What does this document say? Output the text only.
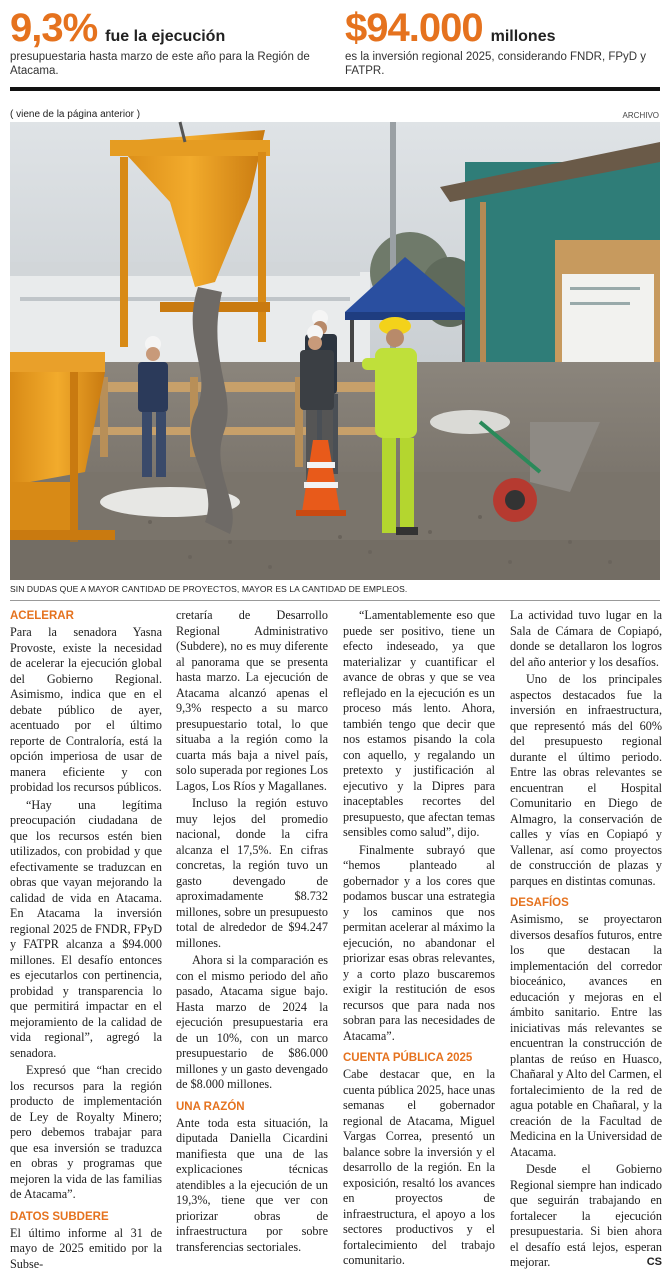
9,3% fue la ejecución
presupuestaria hasta marzo de este año para la Región de Atacama.
$94.000 millones
es la inversión regional 2025, considerando FNDR, FPyD y FATPR.
( viene de la página anterior )	ARCHIVO
SIN DUDAS QUE A MAYOR CANTIDAD DE PROYECTOS, MAYOR ES LA CANTIDAD DE EMPLEOS.
ACELERAR

Para la senadora Yasna Provoste, existe la necesidad de acelerar la ejecución global del Gobierno Regional. Asimismo, indica que en el debate público de ayer, acentuado por el último reporte de Contraloría, está la opción imperiosa de usar de manera eficiente y con probidad los recursos públicos.

“Hay una legítima preocupación ciudadana de que los recursos estén bien utilizados, con probidad y que efectivamente se traduzcan en obras que vayan mejorando la calidad de vida en Atacama. En Atacama la inversión regional 2025 de FNDR, FPyD y FATPR alcanza a $94.000 millones. El desafío entonces es ejecutarlos con pertinencia, probidad y transparencia lo que permitirá impactar en el mejoramiento de la calidad de vida regional”, agregó la senadora.

Expresó que “han crecido los recursos para la región producto de implementación de Ley de Royalty Minero; pero debemos trabajar para que esa inversión se traduzca en obras y programas que mejoren la vida de las familias de Atacama”.

DATOS SUBDERE

El último informe al 31 de mayo de 2025 emitido por la Subse-

cretaría de Desarrollo Regional Administrativo (Subdere), no es muy diferente al panorama que se presenta hasta marzo. La ejecución de Atacama alcanzó apenas el 9,3% respecto a su marco presupuestario total, lo que situaba a la región como la cuarta más baja a nivel país, solo superada por regiones Los Lagos, Los Ríos y Magallanes.

Incluso la región estuvo muy lejos del promedio nacional, donde la cifra alcanza el 17,5%. En cifras concretas, la región tuvo un gasto devengado de aproximadamente $8.732 millones, sobre un presupuesto total de alrededor de $94.247 millones.

Ahora si la comparación es con el mismo periodo del año pasado, Atacama sigue bajo. Hasta marzo de 2024 la ejecución presupuestaria era de un 10%, con un marco presupuestario de $86.000 millones y un gasto devengado de $8.000 millones.

UNA RAZÓN

Ante toda esta situación, la diputada Daniella Cicardini manifiesta que una de las explicaciones técnicas atendibles a la ejecución de un 19,3%, tiene que ver con priorizar obras de infraestructura por sobre transferencias sectoriales.

“Lamentablemente eso que puede ser positivo, tiene un efecto indeseado, ya que materializar y cuantificar el avance de obras y que se vea reflejado en la ejecución es un proceso más lento. Ahora, también tengo que decir que nos estamos pisando la cola con aquello, y regalando un pretexto y justificación al ejecutivo y la Dipres para inaceptables recortes del presupuesto, que afectan temas sensibles como salud”, dijo.

Finalmente subrayó que “hemos planteado al gobernador y a los cores que podamos buscar una estrategia y los caminos que nos permitan acelerar al máximo la ejecución, no abandonar el priorizar esas obras relevantes, y a corto plazo buscaremos exigir la restitución de esos recursos que para nada nos sobran para las necesidades de Atacama”.

CUENTA PÚBLICA 2025

Cabe destacar que, en la cuenta pública 2025, hace unas semanas el gobernador regional de Atacama, Miguel Vargas Correa, presentó un balance sobre la inversión y el desarrollo de la región. En la exposición, resaltó los avances en proyectos de infraestructura, el apoyo a los sectores productivos y el fortalecimiento del trabajo comunitario.

La actividad tuvo lugar en la Sala de Cámara de Copiapó, donde se detallaron los logros del año anterior y los desafíos.

Uno de los principales aspectos destacados fue la inversión en infraestructura, que representó más del 60% del presupuesto regional durante el último periodo. Entre las obras relevantes se encuentran el Hospital Comunitario en Diego de Almagro, la conservación de calles y vías en Copiapó y Vallenar, así como proyectos de construcción de plazas y parques en distintas comunas.

DESAFÍOS

Asimismo, se proyectaron diversos desafíos futuros, entre los que destacan la implementación del corredor bioceánico, avances en educación y mejoras en el ámbito sanitario. Entre las iniciativas más relevantes se encuentran la construcción de plantas de reúso en Huasco, Chañaral y Alto del Carmen, el fortalecimiento de la red de agua potable en Chañaral, y la creación de la Facultad de Medicina en la Universidad de Atacama.

Desde el Gobierno Regional siempre han indicado que seguirán trabajando en fortalecer la ejecución presupuestaria. Si bien ahora el desafío está lejos, esperan mejorar.	CS
